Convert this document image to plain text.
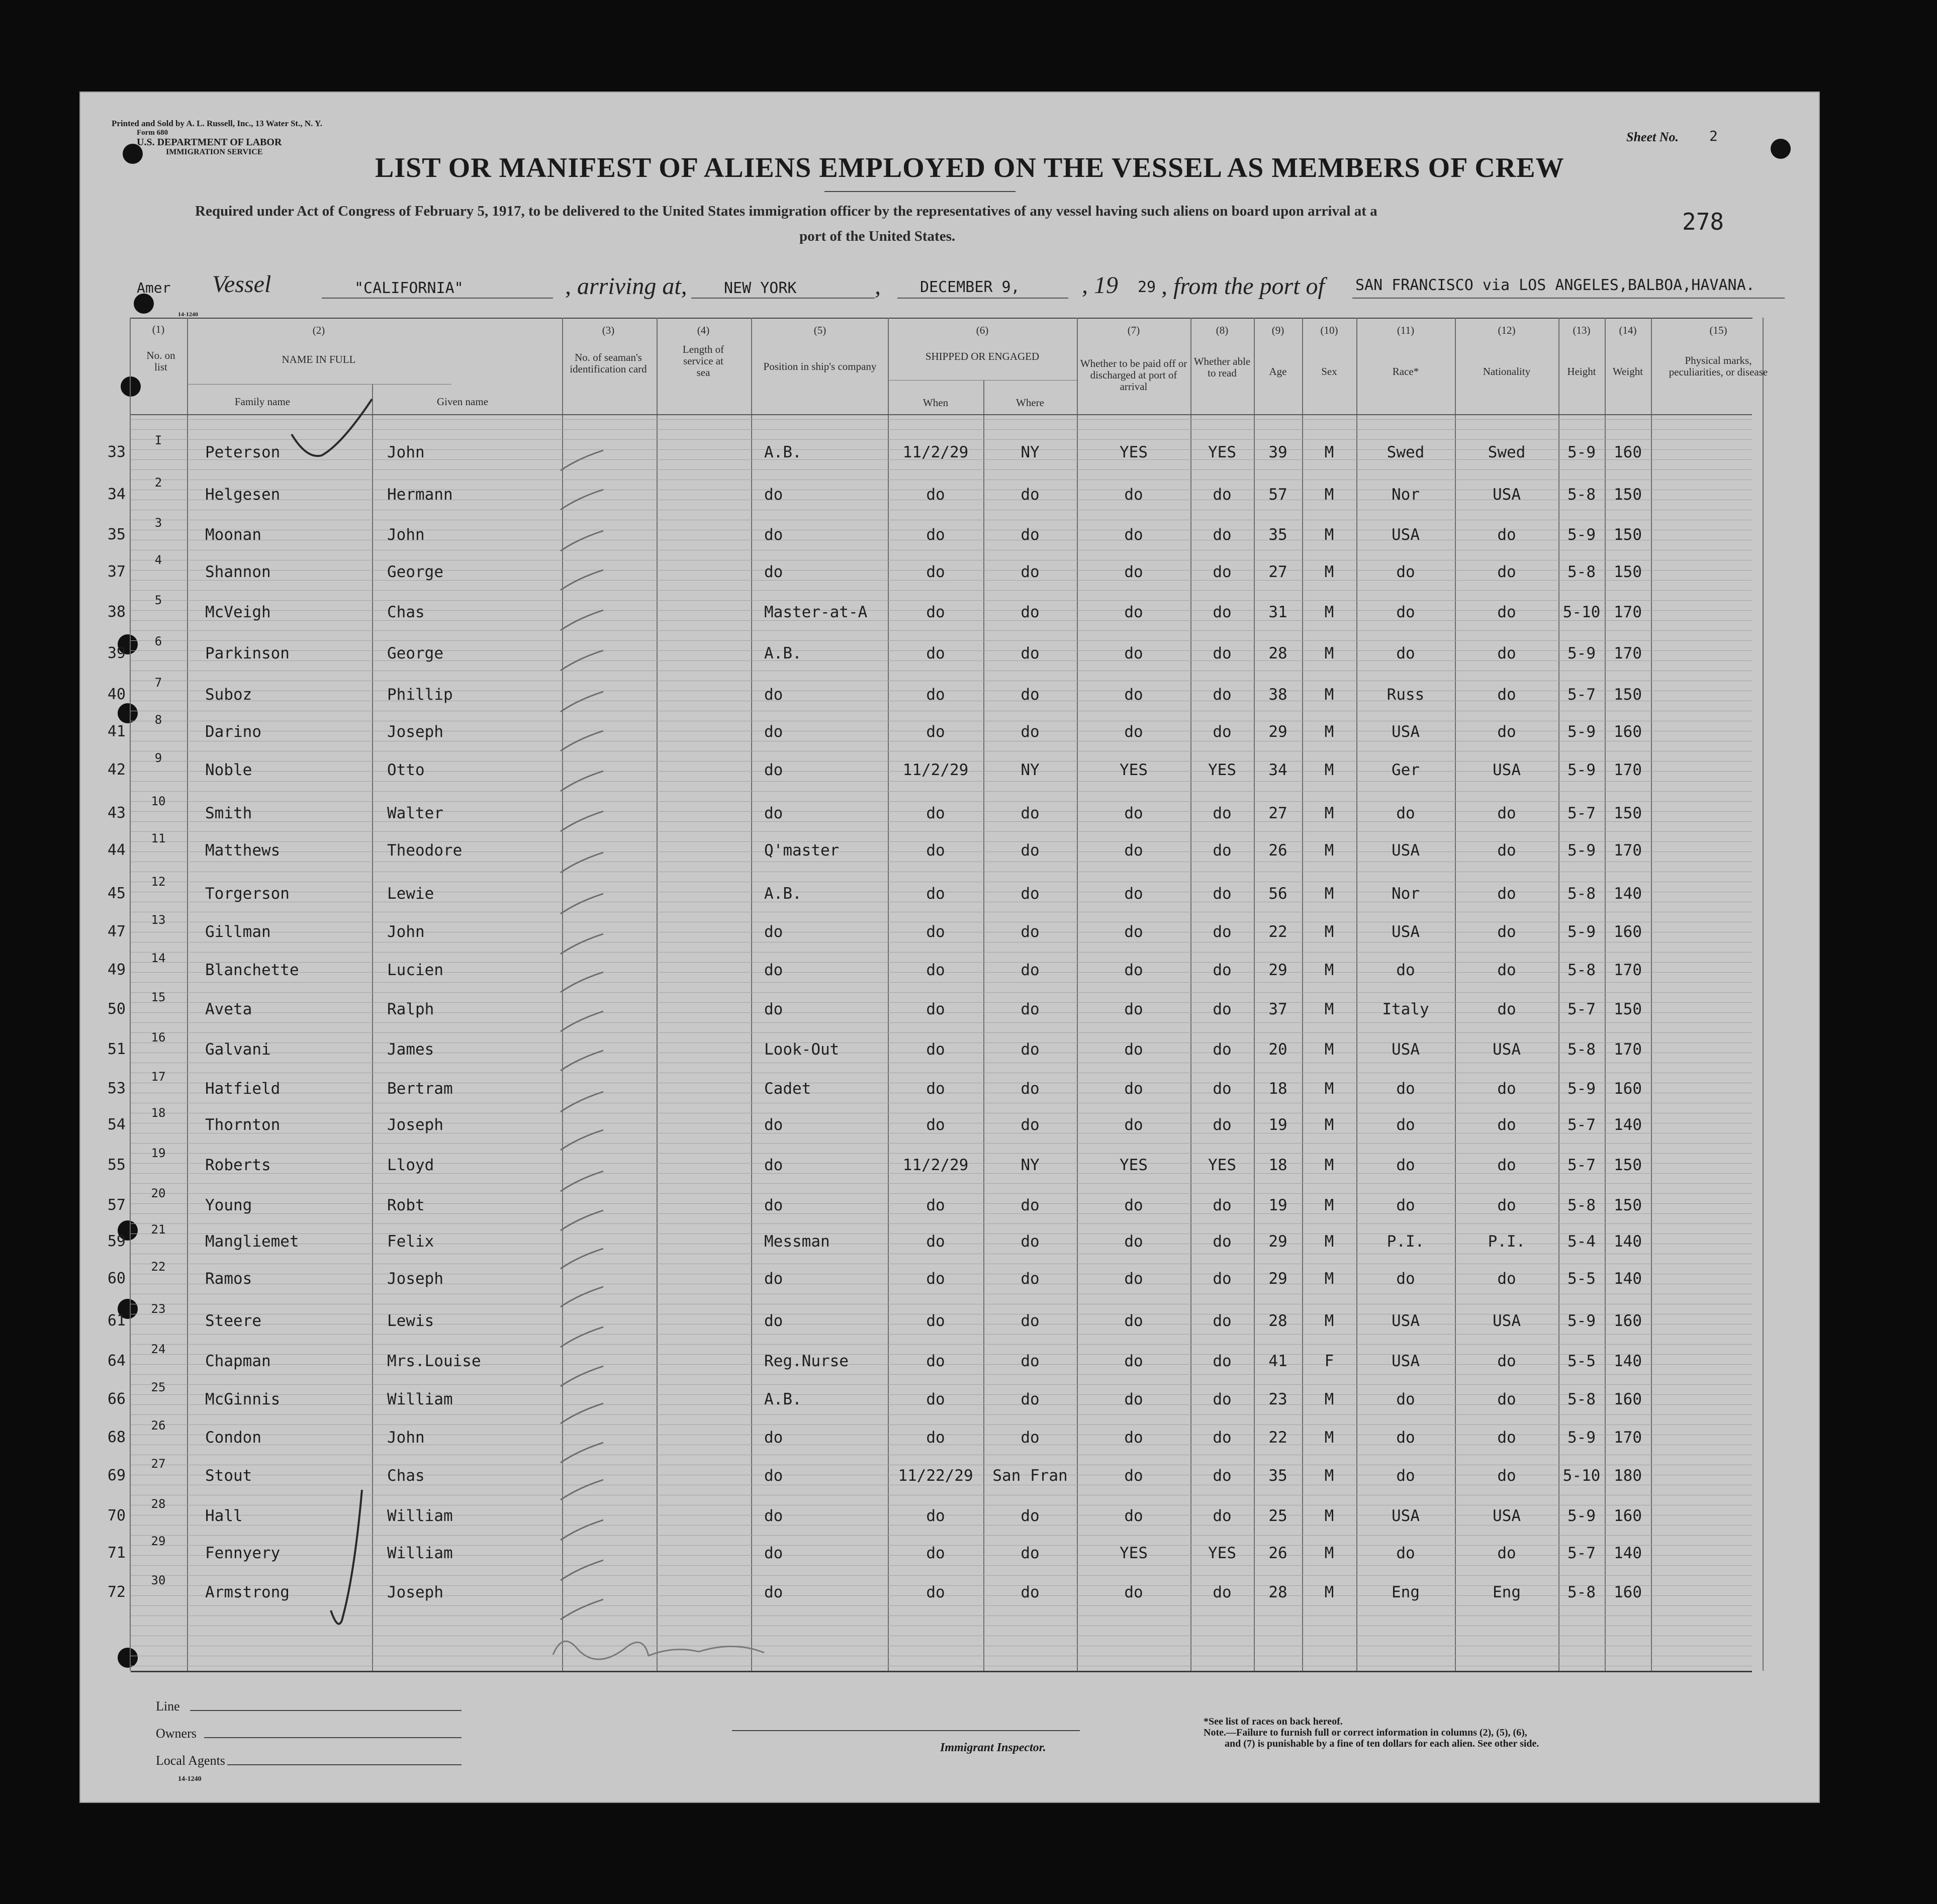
Printed and Sold by A. L. Russell, Inc., 13 Water St., N. Y.
Form 680
U.S. DEPARTMENT OF LABOR
IMMIGRATION SERVICE
Sheet No. 2
278
LIST OR MANIFEST OF ALIENS EMPLOYED ON THE VESSEL AS MEMBERS OF CREW
Required under Act of Congress of February 5, 1917, to be delivered to the United States immigration officer by the representatives of any vessel having such aliens on board upon arrival at a
port of the United States.
Amer Vessel	"CALIFORNIA"	, arriving at, NEW YORK	,	DECEMBER 9,	, 19 29 , from the port of SAN FRANCISCO via LOS ANGELES,BALBOA,HAVANA.
14-1240
(1)
No. on list
(2)
NAME IN FULL
Family name	Given name
(3)
No. of seaman's identification card
(4)
Length of service at sea
(5)
Position in ship's company
(6)
SHIPPED OR ENGAGED
When	Where
(7)
Whether to be paid off or discharged at port of arrival
(8)
Whether able to read
(9)
Age
(10)
Sex
(11)
Race*
(12)
Nationality
(13)
Height
(14)
Weight
(15)
Physical marks, peculiarities, or disease
33
I
Peterson	John	A.B.	11/2/29	NY	YES	YES	39	M	Swed	Swed	5-9	160
34
2
Helgesen	Hermann	do	do	do	do	do	57	M	Nor	USA	5-8	150
35
3
Moonan	John	do	do	do	do	do	35	M	USA	do	5-9	150
37
4
Shannon	George	do	do	do	do	do	27	M	do	do	5-8	150
38
5
McVeigh	Chas	Master-at-A	do	do	do	do	31	M	do	do	5-10 170
39
6
Parkinson	George	A.B.	do	do	do	do	28	M	do	do	5-9	170
40
7
Suboz	Phillip	do	do	do	do	do	38	M	Russ	do	5-7	150
41
8
Darino	Joseph	do	do	do	do	do	29	M	USA	do	5-9	160
42
9
Noble	Otto	do	11/2/29	NY	YES	YES	34	M	Ger	USA	5-9	170
43
10
Smith	Walter	do	do	do	do	do	27	M	do	do	5-7	150
44
11
Matthews	Theodore	Q'master	do	do	do	do	26	M	USA	do	5-9	170
45
12
Torgerson	Lewie	A.B.	do	do	do	do	56	M	Nor	do	5-8	140
47
13
Gillman	John	do	do	do	do	do	22	M	USA	do	5-9	160
49
14
Blanchette	Lucien	do	do	do	do	do	29	M	do	do	5-8	170
50
15
Aveta	Ralph	do	do	do	do	do	37	M	Italy	do	5-7	150
51
16
Galvani	James	Look-Out	do	do	do	do	20	M	USA	USA	5-8	170
53
17
Hatfield	Bertram	Cadet	do	do	do	do	18	M	do	do	5-9	160
54
18
Thornton	Joseph	do	do	do	do	do	19	M	do	do	5-7	140
55
19
Roberts	Lloyd	do	11/2/29	NY	YES	YES	18	M	do	do	5-7	150
57
20
Young	Robt	do	do	do	do	do	19	M	do	do	5-8	150
59
21
Mangliemet	Felix	Messman	do	do	do	do	29	M	P.I.	P.I.	5-4	140
60
22
Ramos	Joseph	do	do	do	do	do	29	M	do	do	5-5	140
61
23
Steere	Lewis	do	do	do	do	do	28	M	USA	USA	5-9	160
64
24
Chapman	Mrs.Louise	Reg.Nurse	do	do	do	do	41	F	USA	do	5-5	140
66
25
McGinnis	William	A.B.	do	do	do	do	23	M	do	do	5-8	160
68
26
Condon	John	do	do	do	do	do	22	M	do	do	5-9	170
69
27
Stout	Chas	do	11/22/29	San Fran	do	do	35	M	do	do	5-10 180
70
28
Hall	William	do	do	do	do	do	25	M	USA	USA	5-9	160
71
29
Fennyery	William	do	do	do	YES	YES	26	M	do	do	5-7	140
72
30
Armstrong	Joseph	do	do	do	do	do	28	M	Eng	Eng	5-8	160
Line
Owners
Local Agents
14-1240
Immigrant Inspector.
*See list of races on back hereof.
Note.—Failure to furnish full or correct information in columns (2), (5), (6),
and (7) is punishable by a fine of ten dollars for each alien. See other side.
